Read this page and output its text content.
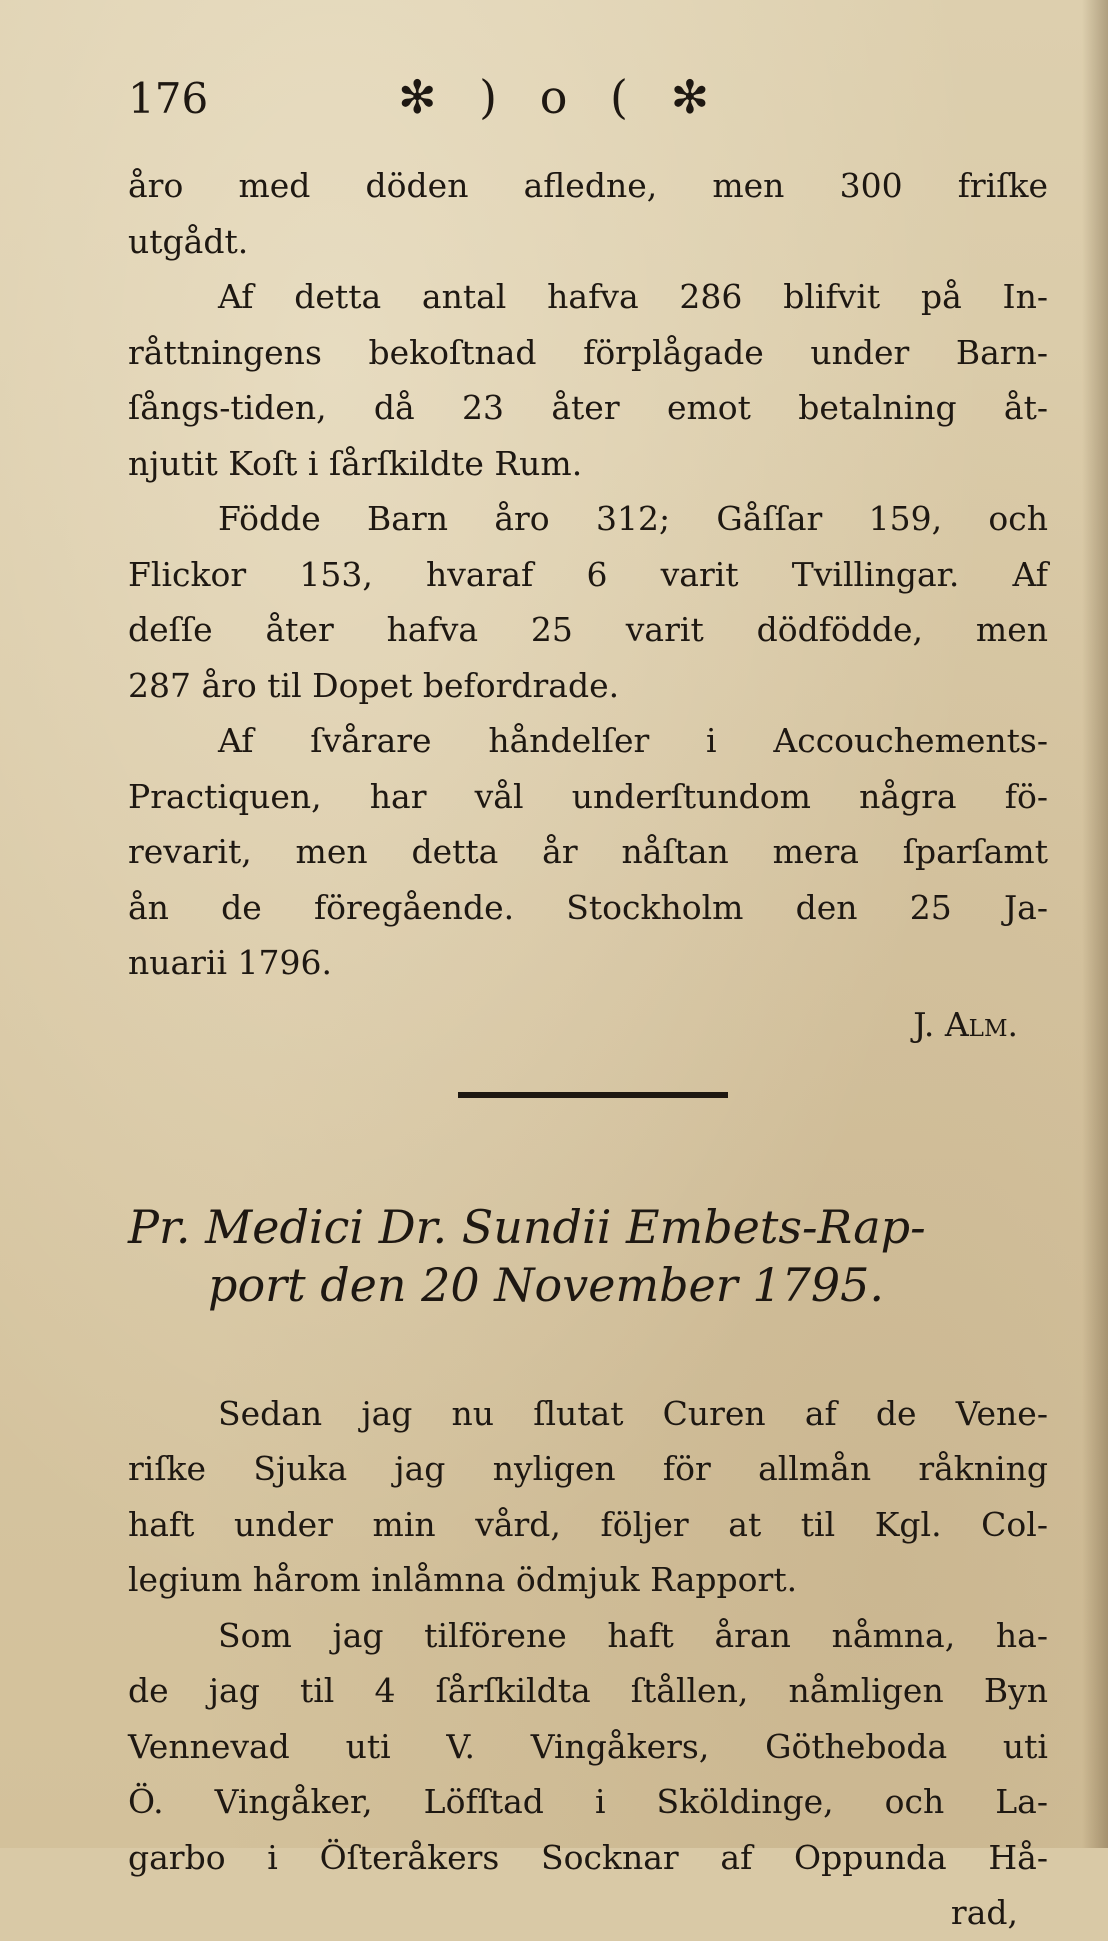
176	✻ ) o ( ✻

åro med döden afledne, men 300 friſke
utgådt.

Af detta antal hafva 286 blifvit på In-
råttningens bekoſtnad förplågade under Barn-
ſångs-tiden, då 23 åter emot betalning åt-
njutit Koſt i ſårſkildte Rum.

Födde Barn åro 312; Gåſſar 159, och
Flickor 153, hvaraf 6 varit Tvillingar. Af
deſſe åter hafva 25 varit dödfödde, men
287 åro til Dopet befordrade.

Af ſvårare håndelſer i Accouchements-
Practiquen, har vål underſtundom några fö-
revarit, men detta år nåſtan mera ſparſamt
ån de föregående. Stockholm den 25 Ja-
nuarii 1796.

J. Alm.
Pr. Medici Dr. Sundii Embets-Rap-
port den 20 November 1795.

Sedan jag nu ſlutat Curen af de Vene-
riſke Sjuka jag nyligen för allmån råkning
haft under min vård, följer at til Kgl. Col-
legium hårom inlåmna ödmjuk Rapport.

Som jag tilförene haft åran nåmna, ha-
de jag til 4 ſårſkildta ſtållen, nåmligen Byn
Vennevad uti V. Vingåkers, Götheboda uti
Ö. Vingåker, Löfſtad i Sköldinge, och La-
garbo i Öſteråkers Socknar af Oppunda Hå-
rad,
